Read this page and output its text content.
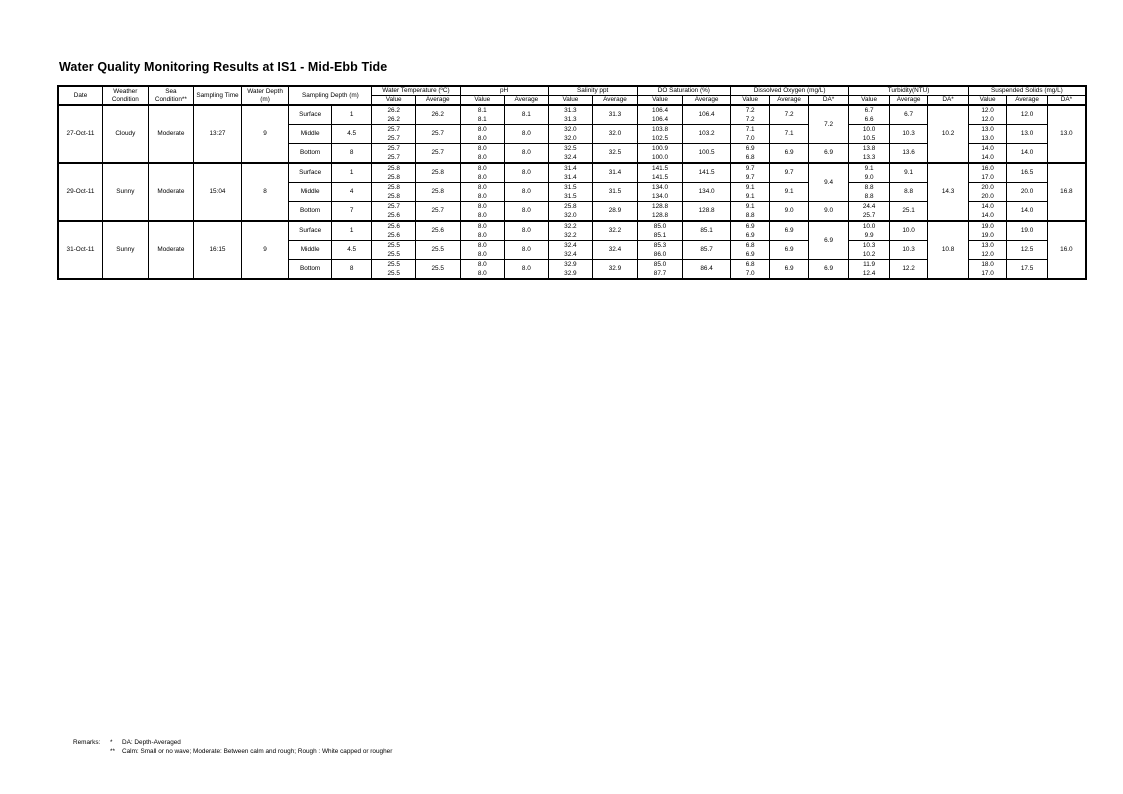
Water Quality Monitoring Results at IS1 - Mid-Ebb Tide
Date	Weather Condition	Sea Condition**	Sampling Time	Water Depth (m)	Sampling Depth (m)		Water Temperature (ºC)		pH		Salinity ppt		DO Saturation (%)		Dissolved Oxygen (mg/L)			Turbidity(NTU)			Suspended Solids (mg/L)		
							Value	Average	Value	Average	Value	Average	Value	Average	Value	Average	DA*	Value	Average	DA*	Value	Average	DA*
27-Oct-11	Cloudy	Moderate	13:27	9	Surface	1	26.2	26.2	8.1	8.1	31.3	31.3	106.4	106.4	7.2	7.2	7.2	6.7	6.7	10.2	12.0	12.0	13.0
							26.2		8.1		31.3		106.4		7.2			6.6			12.0		
					Middle	4.5	25.7	25.7	8.0	8.0	32.0	32.0	103.8	103.2	7.1	7.1		10.0	10.3		13.0	13.0	
							25.7		8.0		32.0		102.5		7.0			10.5			13.0		
					Bottom	8	25.7	25.7	8.0	8.0	32.5	32.5	100.9	100.5	6.9	6.9	6.9	13.8	13.6		14.0	14.0	
							25.7		8.0		32.4		100.0		6.8			13.3			14.0		
29-Oct-11	Sunny	Moderate	15:04	8	Surface	1	25.8	25.8	8.0	8.0	31.4	31.4	141.5	141.5	9.7	9.7	9.4	9.1	9.1	14.3	16.0	16.5	16.8
							25.8		8.0		31.4		141.5		9.7			9.0			17.0		
					Middle	4	25.8	25.8	8.0	8.0	31.5	31.5	134.0	134.0	9.1	9.1		8.8	8.8		20.0	20.0	
							25.8		8.0		31.5		134.0		9.1			8.8			20.0		
					Bottom	7	25.7	25.7	8.0	8.0	25.8	28.9	128.8	128.8	9.1	9.0	9.0	24.4	25.1		14.0	14.0	
							25.6		8.0		32.0		128.8		8.8			25.7			14.0		
31-Oct-11	Sunny	Moderate	16:15	9	Surface	1	25.6	25.6	8.0	8.0	32.2	32.2	85.0	85.1	6.9	6.9	6.9	10.0	10.0	10.8	19.0	19.0	16.0
							25.6		8.0		32.2		85.1		6.9			9.9			19.0		
					Middle	4.5	25.5	25.5	8.0	8.0	32.4	32.4	85.3	85.7	6.8	6.9		10.3	10.3		13.0	12.5	
							25.5		8.0		32.4		86.0		6.9			10.2			12.0		
					Bottom	8	25.5	25.5	8.0	8.0	32.9	32.9	85.0	86.4	6.8	6.9	6.9	11.9	12.2		18.0	17.5	
							25.5		8.0		32.9		87.7		7.0			12.4			17.0		
Remarks:	*	DA: Depth-Averaged
**	Calm: Small or no wave; Moderate: Between calm and rough; Rough : White capped or rougher
